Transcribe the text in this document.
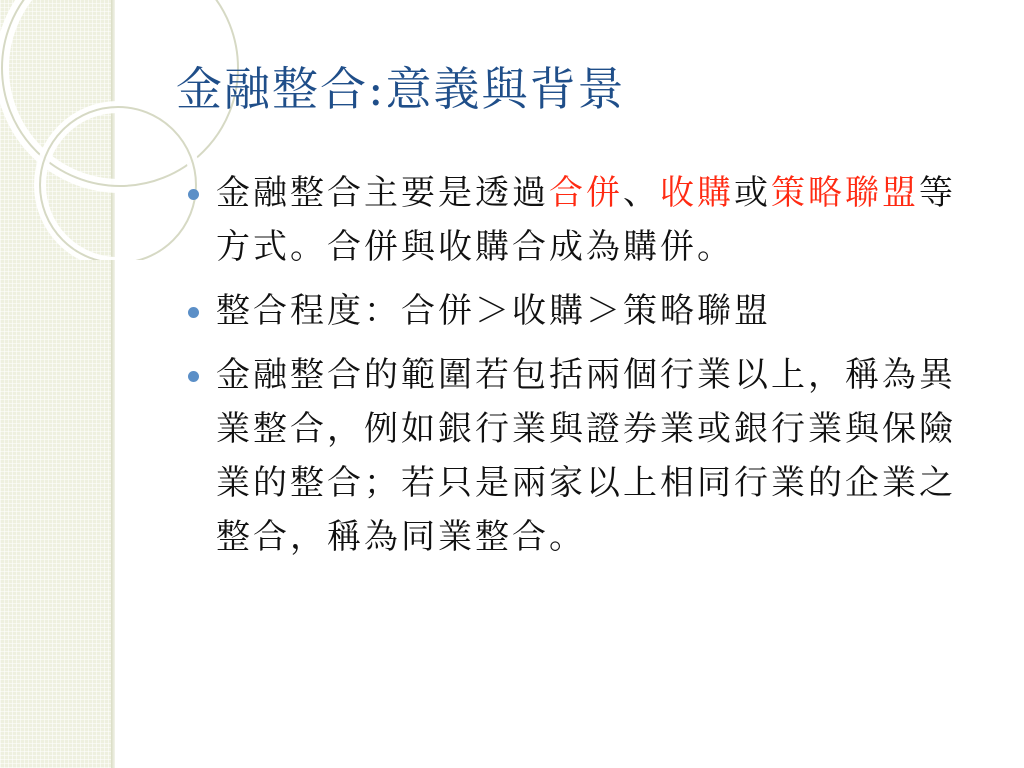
金融整合:意義與背景
金融整合主要是透過合併、收購或策略聯盟等方式。合併與收購合成為購併。
整合程度：合併＞收購＞策略聯盟
金融整合的範圍若包括兩個行業以上，稱為異業整合，例如銀行業與證券業或銀行業與保險業的整合；若只是兩家以上相同行業的企業之整合，稱為同業整合。
